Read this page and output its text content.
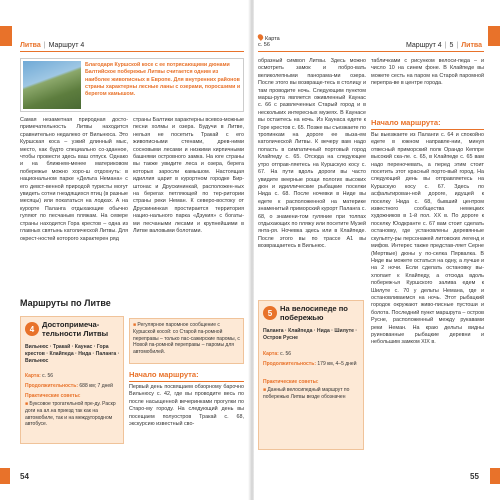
Литва | Маршрут 4
Благодаря Куршской косе с ее потрясающими дюнами Балтийское побережье Литвы считается одним из наиболее живописных в Европе. Для внутренних районов страны характерны лесные ланы с озерами, поросшими и берегом камышом.
Самая незаметная природная досто-примечательность Литвы находится сравнительно недалеко от Вильнюса. Это Куршская коса – узкий длинный мыс, место, как будто специально со-зданное, чтобы провести здесь ваш отпуск. Однако и на ближнем-менее материковом побережье можно хоро-ш отдохнуть: в национальном парке «Дельта Немана» с его девст-венной природой туристы могут увидеть сотни гнездящихся птиц (в разные месяцы) или покататься на лодках. А на курорте Паланга отдыхающие обычно гуляют по песчаным пляжам. На севере страны находится Гора крестов – одна из главных святынь католической Литвы. Для окрест-ностей которого характерен ряд
страны Балтики характерны всевоз-можные песни холмы и озера. Будучи в Литве, нельзя не посетить Тракай с его живописными стенами, древ-ними сосновыми лесами и низкими кирпичными башнями островного замка. На юге страны вы также увидите леса и озера, берега которых заросли камышом. Настоящая идиллия царит в курортном городке Бир-штонас и Друскининкай, расположен-ных на берегах петляющей по тер-ритории страны реки Неман. К северо-востоку от Друскининкая простирается территория нацио-нального парка «Дзукия» с богаты-ми песчаными лесами и крупнейшими в Литве валовыми болотами.
Маршруты по Литве
4	Достопримеча-тельности Литвы
Вильнюс · Тракай · Каунас · Гора крестов · Клайпеда · Нида · Паланга · Вильнюс
Карта: с. 56
Продолжительность: 688 км; 7 дней
Практические советы:
■ Буксовое трогательной пре-ду. Раскр доги на ал.на приезд так как на автомобиле, так и на междугородном автобусе.
■ Регулярное паромное сообщение с Куршской косой: со Старой па-ромной переправы – только пас-сажирские паромы, с Новой па-ромной переправы – паромы для автомобилей.
Начало маршрута:
Первый день посвящаем обзорному барочно Вильнюсу с. 42, где вы проводите весь по после насыщенной вечеринками прогулки по Старо-му городу. На следующий день вы посещаем полуостров Тракай с. 68, экскурсию известный сво-
54
Карта
с. 56	Маршрут 4 | 5 | Литва
образный символ Литвы. Здесь можно осмотреть замок и побро-вать великолепными панорама-ми озера. После этого вы возвраще-тесь в столицу и там проводите ночь. Следующим пунктом марш-рута является оживленный Каунас с. 66 с развлеченных Старый город и в нескольких интересных музеях. В Каунасе вы остаетесь на ночь. Из Каунаса едете к Горе крестов с. 65. Позже вы съезжаете по тропинкам на дороге ее выза-ем католической Литвы. К вечеру вам надо попасть в симпатичный портовый город Клайпеду с. 65. Отсюда на следующее утро отправ-ляетесь на Куршскую косу с. 67. На пути вдоль дороги вы часто увидите веерные рощи пологих высоких дюн и идиллические рыбацкие поселки Нида с. 68. После ночевки в Ниде вы едете к расположенной на материке знаменитый приморский курорт Паланга с. 68, о знамени-том гуляние при толпах отдыхающих по пляжу или посетите Музей янта-ря. Ночевка здесь или в Клайпеде. После этого вы по трассе А1 вы возвращаетесь в Вильнюс.
табличками с рисунком велоси-педа – и число 10 на синем фоне. В Клайпеде вы можете сесть на паром на Старой паромной перепра-ве в центре города.
Начало маршрута:
Вы выезжаете из Паланги с. 64 и спокойно едете в южном направле-нии, минуя отвесный приморский полк Орандо Кеппре высокий ска-ле. с. 65, в Клайпеде с. 65 вам надо переночевать, а перед этим стоит посетить этот красный порто-вый город. На следующий день вы отправляетесь на Куршскую косу с. 67. Здесь по асфальтирован-ной дороге, идущей к поселку Нида с. 68, бывший центром известного сообщества немецких художников в 1-й пол. XX в. По дороге к поселку Юодкранте с. 67 вам стоит сделать остановку, где установлены деревянные скульпту-ры персонажей литовских легенд и мифов. Интерес также представ-ляет Серне (Мертвые) дюны у по-селка Пярвалка. В Ниде вы можете остаться на одну, а лучше и на 2 ночи. Если сделать остановку вы-хлопает к Клайпеду, а отсюда вдоль побереж-ья Куршского залива едем к Шилуте с. 70 у дельты Немана, где и остановливаемся на ночь. Этот рыбацкий городок окружают живо-писные пустоши и болота. Последний пункт маршрута – остров Русне, расположенный между рукавами реки Неман. На краю дельты видны руинованные рыбацкие деревни и небольшим замком XIX в.
5	На велосипеде по побережью
Паланга · Клайпеда · Нида · Шилуте · Остров Русне
Карта: с. 56
Продолжительность: 179 км, 4–5 дней
Практические советы:
■ Данный велосипедный маршрут по побережью Литвы везде обозначен
55
